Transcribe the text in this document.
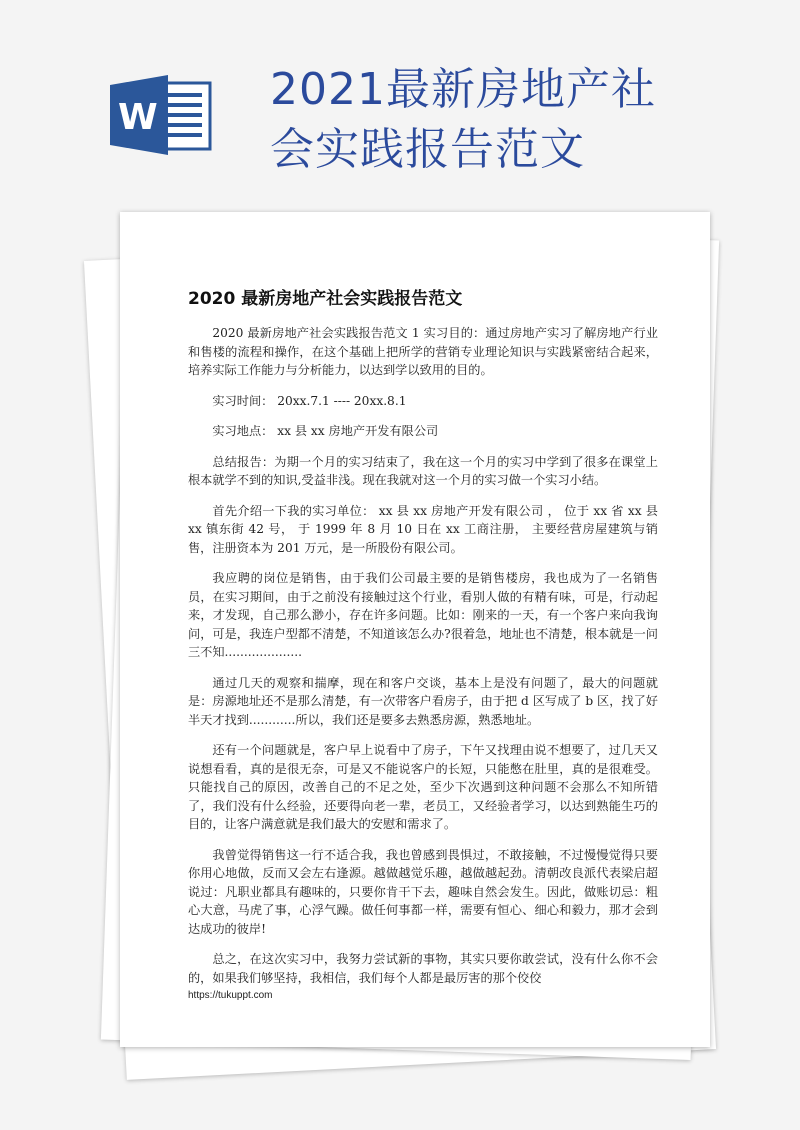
W
2021最新房地产社
会实践报告范文
2020 最新房地产社会实践报告范文

2020 最新房地产社会实践报告范文 1 实习目的：通过房地产实习了解房地产行业和售楼的流程和操作，在这个基础上把所学的营销专业理论知识与实践紧密结合起来，培养实际工作能力与分析能力，以达到学以致用的目的。

实习时间： 20xx.7.1 ---- 20xx.8.1

实习地点： xx 县 xx 房地产开发有限公司

总结报告：为期一个月的实习结束了，我在这一个月的实习中学到了很多在课堂上根本就学不到的知识,受益非浅。现在我就对这一个月的实习做一个实习小结。

首先介绍一下我的实习单位： xx 县 xx 房地产开发有限公司 ， 位于 xx 省 xx 县 xx 镇东街 42 号， 于 1999 年 8 月 10 日在 xx 工商注册， 主要经营房屋建筑与销售，注册资本为 201 万元，是一所股份有限公司。

我应聘的岗位是销售，由于我们公司最主要的是销售楼房，我也成为了一名销售员，在实习期间，由于之前没有接触过这个行业，看别人做的有精有味，可是，行动起来，才发现，自己那么渺小，存在许多问题。比如：刚来的一天，有一个客户来向我询问，可是，我连户型都不清楚，不知道该怎么办?很着急，地址也不清楚，根本就是一问三不知....................

通过几天的观察和揣摩，现在和客户交谈，基本上是没有问题了，最大的问题就是：房源地址还不是那么清楚，有一次带客户看房子，由于把 d 区写成了 b 区，找了好半天才找到............所以，我们还是要多去熟悉房源，熟悉地址。

还有一个问题就是，客户早上说看中了房子，下午又找理由说不想要了，过几天又说想看看，真的是很无奈，可是又不能说客户的长短，只能憋在肚里，真的是很难受。只能找自己的原因，改善自己的不足之处，至少下次遇到这种问题不会那么不知所错了，我们没有什么经验，还要得向老一辈，老员工，又经验者学习，以达到熟能生巧的目的，让客户满意就是我们最大的安慰和需求了。

我曾觉得销售这一行不适合我，我也曾感到畏惧过，不敢接触，不过慢慢觉得只要你用心地做，反而又会左右逢源。越做越觉乐趣，越做越起劲。清朝改良派代表梁启超说过：凡职业都具有趣味的，只要你肯干下去，趣味自然会发生。因此，做账切忌：粗心大意，马虎了事，心浮气躁。做任何事都一样，需要有恒心、细心和毅力，那才会到达成功的彼岸!

总之，在这次实习中，我努力尝试新的事物，其实只要你敢尝试，没有什么你不会的，如果我们够坚持，我相信，我们每个人都是最厉害的那个佼佼

https://tukuppt.com
